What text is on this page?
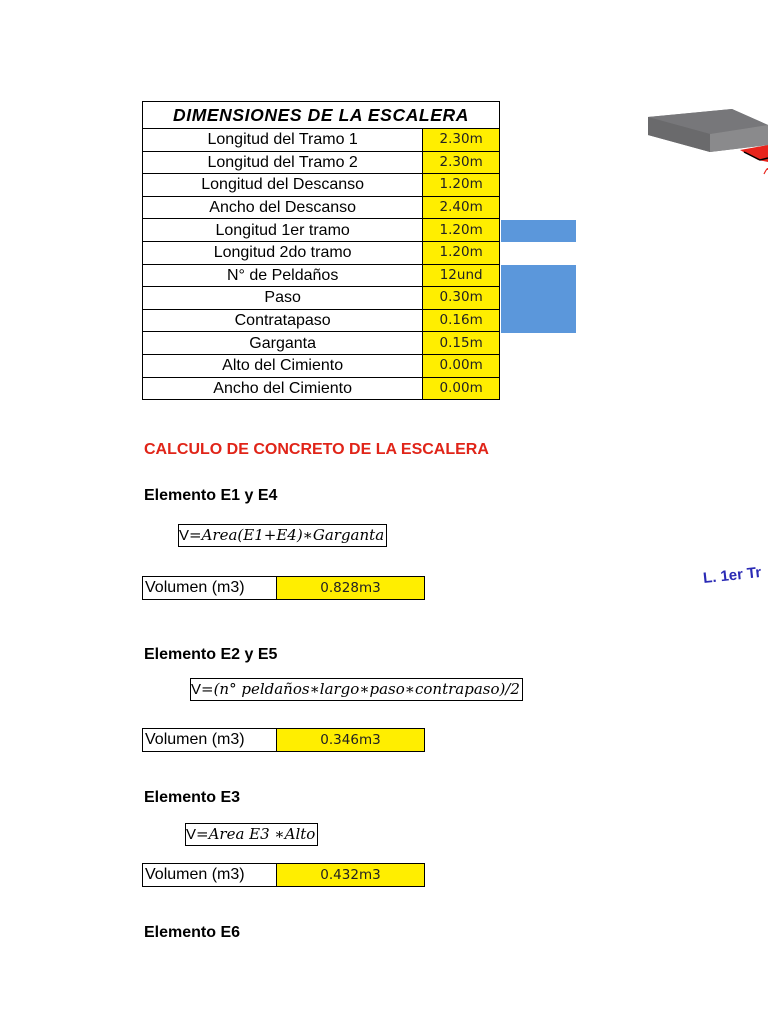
DIMENSIONES DE LA ESCALERA	
Longitud del Tramo 1	2.30m
Longitud del Tramo 2	2.30m
Longitud del Descanso	1.20m
Ancho del Descanso	2.40m
Longitud 1er tramo	1.20m
Longitud 2do tramo	1.20m
N° de Peldaños	12und
Paso	0.30m
Contratapaso	0.16m
Garganta	0.15m
Alto del Cimiento	0.00m
Ancho del Cimiento	0.00m
CALCULO DE CONCRETO DE LA ESCALERA
Elemento E1 y E4
V=Area(E1+E4)∗Garganta
Volumen (m3)	0.828m3
Elemento E2 y E5
V=(n° peldaños∗largo∗paso∗contrapaso)/2
Volumen (m3)	0.346m3
Elemento E3
V=Area E3 ∗Alto
Volumen (m3)	0.432m3
Elemento E6
L. 1er Tr
